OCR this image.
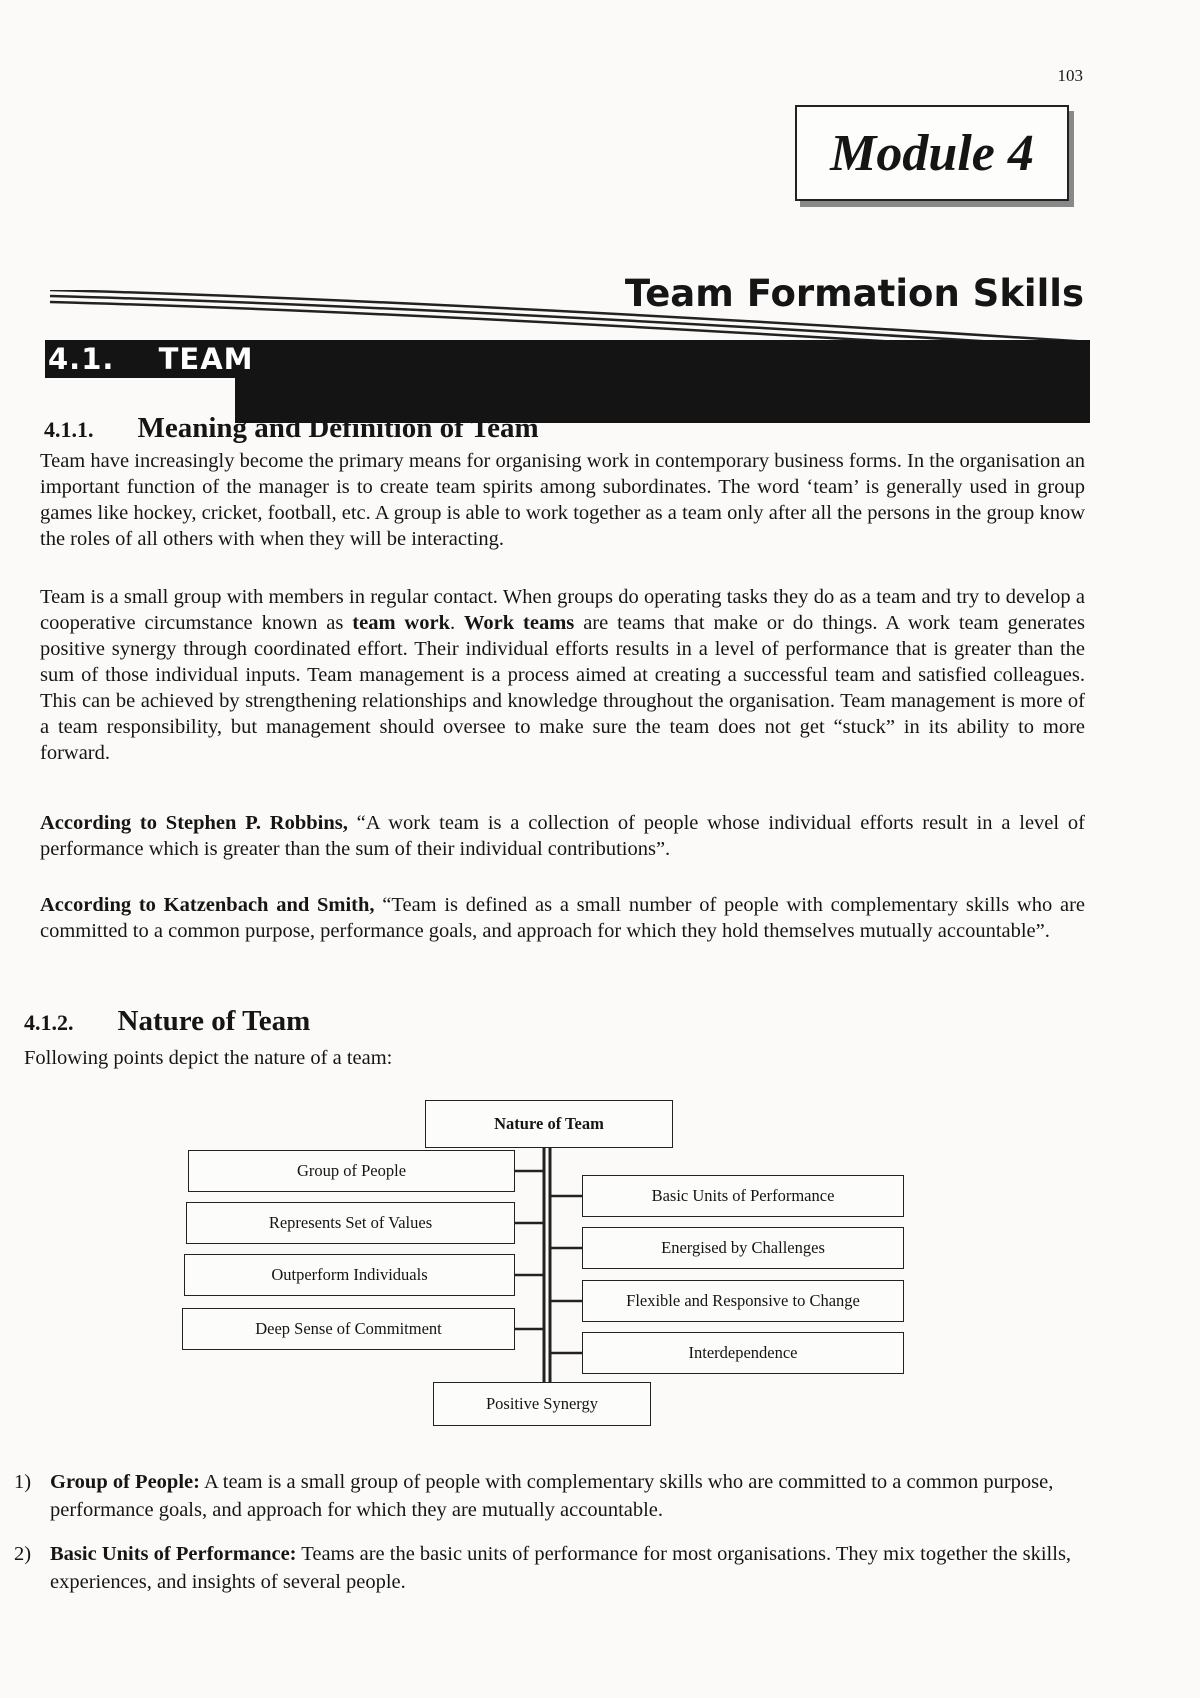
103
Module 4
Team Formation Skills
4.1. TEAM
4.1.1. Meaning and Definition of Team

Team have increasingly become the primary means for organising work in contemporary business forms. In the organisation an important function of the manager is to create team spirits among subordinates. The word ‘team’ is generally used in group games like hockey, cricket, football, etc. A group is able to work together as a team only after all the persons in the group know the roles of all others with when they will be interacting.

Team is a small group with members in regular contact. When groups do operating tasks they do as a team and try to develop a cooperative circumstance known as team work. Work teams are teams that make or do things. A work team generates positive synergy through coordinated effort. Their individual efforts results in a level of performance that is greater than the sum of those individual inputs. Team management is a process aimed at creating a successful team and satisfied colleagues. This can be achieved by strengthening relationships and knowledge throughout the organisation. Team management is more of a team responsibility, but management should oversee to make sure the team does not get “stuck” in its ability to more forward.

According to Stephen P. Robbins, “A work team is a collection of people whose individual efforts result in a level of performance which is greater than the sum of their individual contributions”.

According to Katzenbach and Smith, “Team is defined as a small number of people with complementary skills who are committed to a common purpose, performance goals, and approach for which they hold themselves mutually accountable”.

4.1.2. Nature of Team

Following points depict the nature of a team:

Nature of Team
Group of People
Represents Set of Values
Outperform Individuals
Deep Sense of Commitment
Basic Units of Performance
Energised by Challenges
Flexible and Responsive to Change
Interdependence
Positive Synergy
1) Group of People: A team is a small group of people with complementary skills who are committed to a common purpose, performance goals, and approach for which they are mutually accountable.
2) Basic Units of Performance: Teams are the basic units of performance for most organisations. They mix together the skills, experiences, and insights of several people.
